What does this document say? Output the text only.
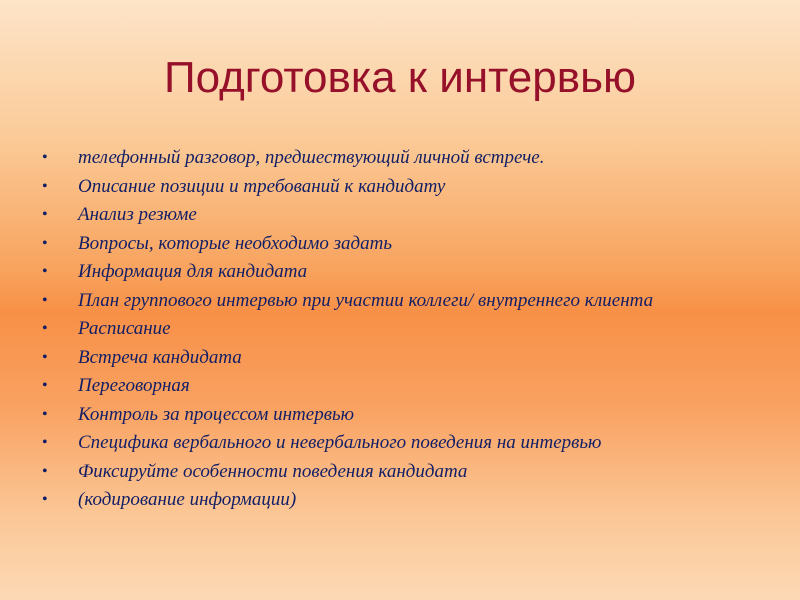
Подготовка к интервью
• телефонный разговор, предшествующий личной встрече.
• Описание позиции и требований к кандидату
• Анализ резюме
• Вопросы, которые необходимо задать
• Информация для кандидата
• План группового интервью при участии коллеги/ внутреннего клиента
• Расписание
• Встреча кандидата
• Переговорная
• Контроль за процессом интервью
• Специфика вербального и невербального поведения на интервью
• Фиксируйте особенности поведения кандидата
• (кодирование информации)
